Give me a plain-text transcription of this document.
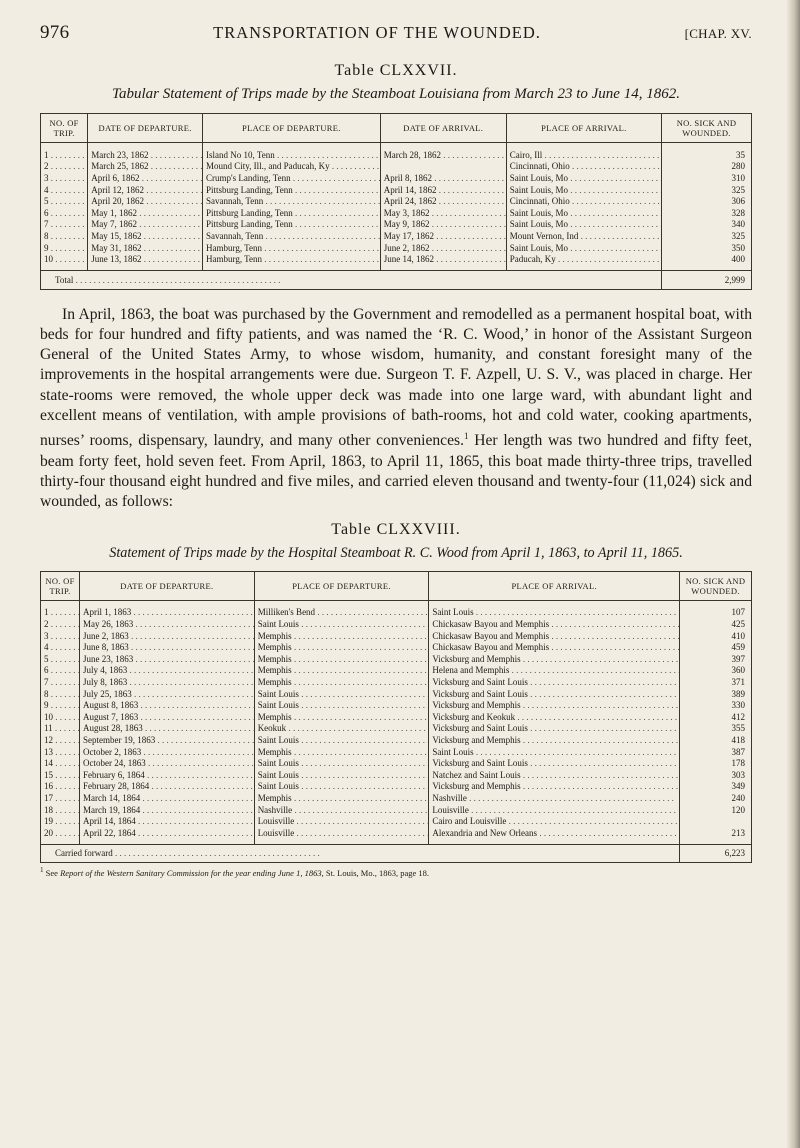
976	TRANSPORTATION OF THE WOUNDED.	[CHAP. XV.
Table CLXXVII.
Tabular Statement of Trips made by the Steamboat Louisiana from March 23 to June 14, 1862.
NO. OF TRIP.	DATE OF DEPARTURE.	PLACE OF DEPARTURE.	DATE OF ARRIVAL.	PLACE OF ARRIVAL.	NO. SICK AND WOUNDED.
1 . . .	March 23, 1862 . . .	Island No 10, Tenn . . .	March 28, 1862 . . .	Cairo, Ill . . .	35
2 . . .	March 25, 1862 . . .	Mound City, Ill., and Paducah, Ky . . .		Cincinnati, Ohio . . .	280
3 . . .	April 6, 1862 . . .	Crump's Landing, Tenn . . .	April 8, 1862 . . .	Saint Louis, Mo . . .	310
4 . . .	April 12, 1862 . . .	Pittsburg Landing, Tenn . . .	April 14, 1862 . . .	Saint Louis, Mo . . .	325
5 . . .	April 20, 1862 . . .	Savannah, Tenn . . .	April 24, 1862 . . .	Cincinnati, Ohio . . .	306
6 . . .	May 1, 1862 . . .	Pittsburg Landing, Tenn . . .	May 3, 1862 . . .	Saint Louis, Mo . . .	328
7 . . .	May 7, 1862 . . .	Pittsburg Landing, Tenn . . .	May 9, 1862 . . .	Saint Louis, Mo . . .	340
8 . . .	May 15, 1862 . . .	Savannah, Tenn . . .	May 17, 1862 . . .	Mount Vernon, Ind . . .	325
9 . . .	May 31, 1862 . . .	Hamburg, Tenn . . .	June 2, 1862 . . .	Saint Louis, Mo . . .	350
10 . . .	June 13, 1862 . . .	Hamburg, Tenn . . .	June 14, 1862 . . .	Paducah, Ky . . .	400
Total . . .					2,999

In April, 1863, the boat was purchased by the Government and remodelled as a permanent hospital boat, with beds for four hundred and fifty patients, and was named the ‘R. C. Wood,’ in honor of the Assistant Surgeon General of the United States Army, to whose wisdom, humanity, and constant foresight many of the improvements in the hospital arrangements were due. Surgeon T. F. Azpell, U. S. V., was placed in charge. Her state-rooms were removed, the whole upper deck was made into one large ward, with abundant light and excellent means of ventilation, with ample provisions of bath-rooms, hot and cold water, cooking apartments, nurses’ rooms, dispensary, laundry, and many other conveniences.$^1$ Her length was two hundred and fifty feet, beam forty feet, hold seven feet. From April, 1863, to April 11, 1865, this boat made thirty-three trips, travelled thirty-four thousand eight hundred and five miles, and carried eleven thousand and twenty-four (11,024) sick and wounded, as follows:

Table CLXXVIII.
Statement of Trips made by the Hospital Steamboat R. C. Wood from April 1, 1863, to April 11, 1865.
NO. OF TRIP.	DATE OF DEPARTURE.	PLACE OF DEPARTURE.	PLACE OF ARRIVAL.	NO. SICK AND WOUNDED.
1 . . .	April 1, 1863 . . .	Milliken's Bend . . .	Saint Louis . . .	107
2 . . .	May 26, 1863 . . .	Saint Louis . . .	Chickasaw Bayou and Memphis . . .	425
3 . . .	June 2, 1863 . . .	Memphis . . .	Chickasaw Bayou and Memphis . . .	410
4 . . .	June 8, 1863 . . .	Memphis . . .	Chickasaw Bayou and Memphis . . .	459
5 . . .	June 23, 1863 . . .	Memphis . . .	Vicksburg and Memphis . . .	397
6 . . .	July 4, 1863 . . .	Memphis . . .	Helena and Memphis . . .	360
7 . . .	July 8, 1863 . . .	Memphis . . .	Vicksburg and Saint Louis . . .	371
8 . . .	July 25, 1863 . . .	Saint Louis . . .	Vicksburg and Saint Louis . . .	389
9 . . .	August 8, 1863 . . .	Saint Louis . . .	Vicksburg and Memphis . . .	330
10 . . .	August 7, 1863 . . .	Memphis . . .	Vicksburg and Keokuk . . .	412
11 . . .	August 28, 1863 . . .	Keokuk . . .	Vicksburg and Saint Louis . . .	355
12 . . .	September 19, 1863 . . .	Saint Louis . . .	Vicksburg and Memphis . . .	418
13 . . .	October 2, 1863 . . .	Memphis . . .	Saint Louis . . .	387
14 . . .	October 24, 1863 . . .	Saint Louis . . .	Vicksburg and Saint Louis . . .	178
15 . . .	February 6, 1864 . . .	Saint Louis . . .	Natchez and Saint Louis . . .	303
16 . . .	February 28, 1864 . . .	Saint Louis . . .	Vicksburg and Memphis . . .	349
17 . . .	March 14, 1864 . . .	Memphis . . .	Nashville . . .	240
18 . . .	March 19, 1864 . . .	Nashville . . .	Louisville . . .	120
19 . . .	April 14, 1864 . . .	Louisville . . .	Cairo and Louisville . . .	
20 . . .	April 22, 1864 . . .	Louisville . . .	Alexandria and New Orleans . . .	213
Carried forward . . .				6,223
$^1$ See Report of the Western Sanitary Commission for the year ending June 1, 1863, St. Louis, Mo., 1863, page 18.
